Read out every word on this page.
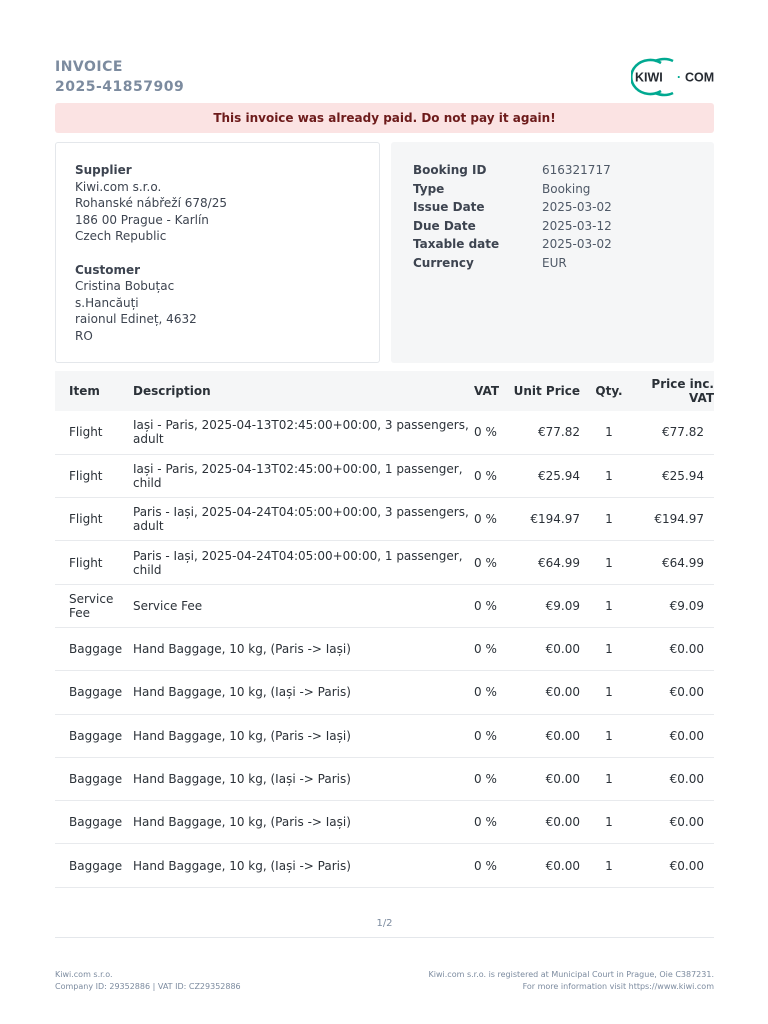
INVOICE
2025-41857909
KIWI · COM
This invoice was already paid. Do not pay it again!
Supplier
Kiwi.com s.r.o.
Rohanské nábřeží 678/25
186 00 Prague - Karlín
Czech Republic
Customer
Cristina Bobuțac
s.Hancăuți
raionul Edineț, 4632
RO
Booking ID	616321717
Type	Booking
Issue Date	2025-03-02
Due Date	2025-03-12
Taxable date	2025-03-02
Currency	EUR
Item	Description	VAT	Unit Price	Qty.	Price inc. VAT
Flight	Iași - Paris, 2025-04-13T02:45:00+00:00, 3 passengers, adult	0 %	€77.82	1	€77.82
Flight	Iași - Paris, 2025-04-13T02:45:00+00:00, 1 passenger, child	0 %	€25.94	1	€25.94
Flight	Paris - Iași, 2025-04-24T04:05:00+00:00, 3 passengers, adult	0 %	€194.97	1	€194.97
Flight	Paris - Iași, 2025-04-24T04:05:00+00:00, 1 passenger, child	0 %	€64.99	1	€64.99
Service Fee	Service Fee	0 %	€9.09	1	€9.09
Baggage	Hand Baggage, 10 kg, (Paris -> Iași)	0 %	€0.00	1	€0.00
Baggage	Hand Baggage, 10 kg, (Iași -> Paris)	0 %	€0.00	1	€0.00
Baggage	Hand Baggage, 10 kg, (Paris -> Iași)	0 %	€0.00	1	€0.00
Baggage	Hand Baggage, 10 kg, (Iași -> Paris)	0 %	€0.00	1	€0.00
Baggage	Hand Baggage, 10 kg, (Paris -> Iași)	0 %	€0.00	1	€0.00
Baggage	Hand Baggage, 10 kg, (Iași -> Paris)	0 %	€0.00	1	€0.00
1/2
Kiwi.com s.r.o.
Company ID: 29352886 | VAT ID: CZ29352886
Kiwi.com s.r.o. is registered at Municipal Court in Prague, Oie C387231.
For more information visit https://www.kiwi.com
